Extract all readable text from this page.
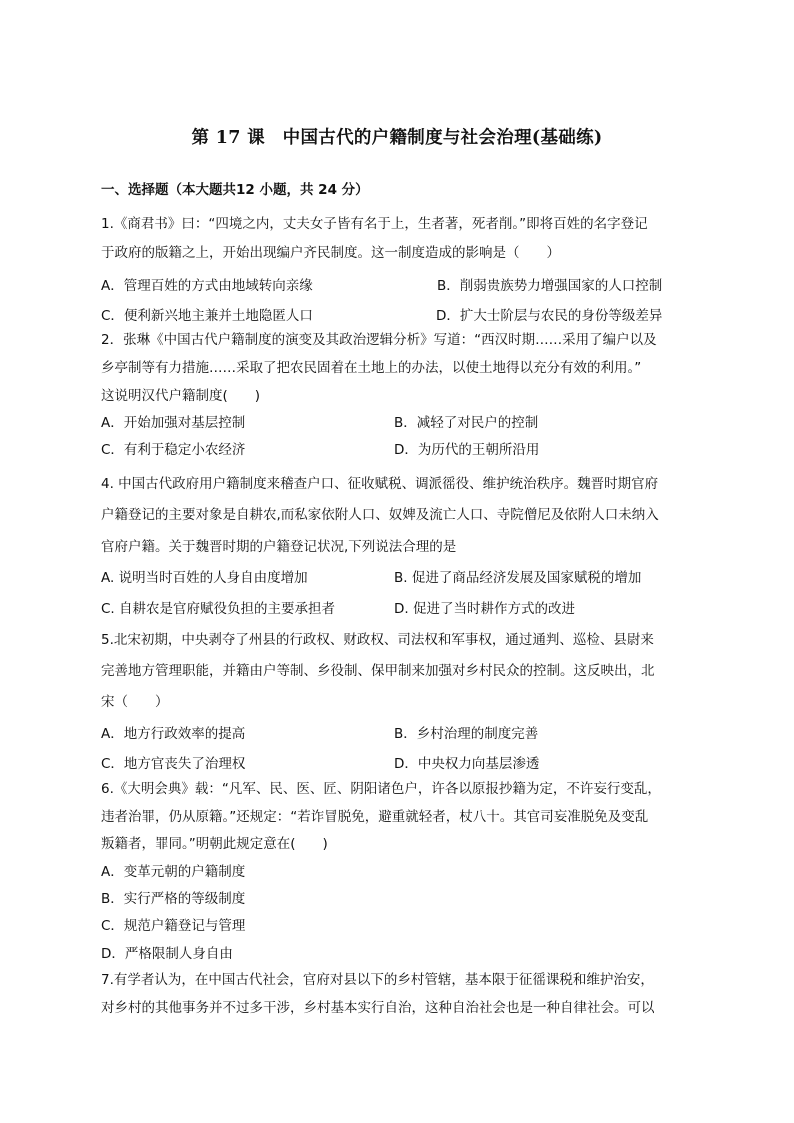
第 17 课　中国古代的户籍制度与社会治理(基础练)
一、选择题（本大题共12 小题，共 24 分）
1.《商君书》曰：“四境之内，丈夫女子皆有名于上，生者著，死者削。”即将百姓的名字登记
于政府的版籍之上，开始出现编户齐民制度。这一制度造成的影响是（　　）
A．管理百姓的方式由地域转向亲缘	B．削弱贵族势力增强国家的人口控制
C．便利新兴地主兼并土地隐匿人口	D．扩大士阶层与农民的身份等级差异
2．张琳《中国古代户籍制度的演变及其政治逻辑分析》写道：“西汉时期……采用了编户以及
乡亭制等有力措施……采取了把农民固着在土地上的办法，以使土地得以充分有效的利用。”
这说明汉代户籍制度(　　)
A．开始加强对基层控制	B．减轻了对民户的控制
C．有利于稳定小农经济	D．为历代的王朝所沿用
4. 中国古代政府用户籍制度来稽查户口、征收赋税、调派徭役、维护统治秩序。魏晋时期官府
户籍登记的主要对象是自耕农,而私家依附人口、奴婢及流亡人口、寺院僧尼及依附人口未纳入
官府户籍。关于魏晋时期的户籍登记状况,下列说法合理的是
A. 说明当时百姓的人身自由度增加	B. 促进了商品经济发展及国家赋税的增加
C. 自耕农是官府赋役负担的主要承担者	D. 促进了当时耕作方式的改进
5.北宋初期，中央剥夺了州县的行政权、财政权、司法权和军事权，通过通判、巡检、县尉来
完善地方管理职能，并籍由户等制、乡役制、保甲制来加强对乡村民众的控制。这反映出，北
宋（　　）
A．地方行政效率的提高	B．乡村治理的制度完善
C．地方官丧失了治理权	D．中央权力向基层渗透
6.《大明会典》载：“凡军、民、医、匠、阴阳诸色户，许各以原报抄籍为定，不许妄行变乱，
违者治罪，仍从原籍。”还规定：“若诈冒脱免，避重就轻者，杖八十。其官司妄准脱免及变乱
叛籍者，罪同。”明朝此规定意在(　　)
A．变革元朝的户籍制度
B．实行严格的等级制度
C．规范户籍登记与管理
D．严格限制人身自由
7.有学者认为，在中国古代社会，官府对县以下的乡村管辖，基本限于征徭课税和维护治安，
对乡村的其他事务并不过多干涉，乡村基本实行自治，这种自治社会也是一种自律社会。可以
